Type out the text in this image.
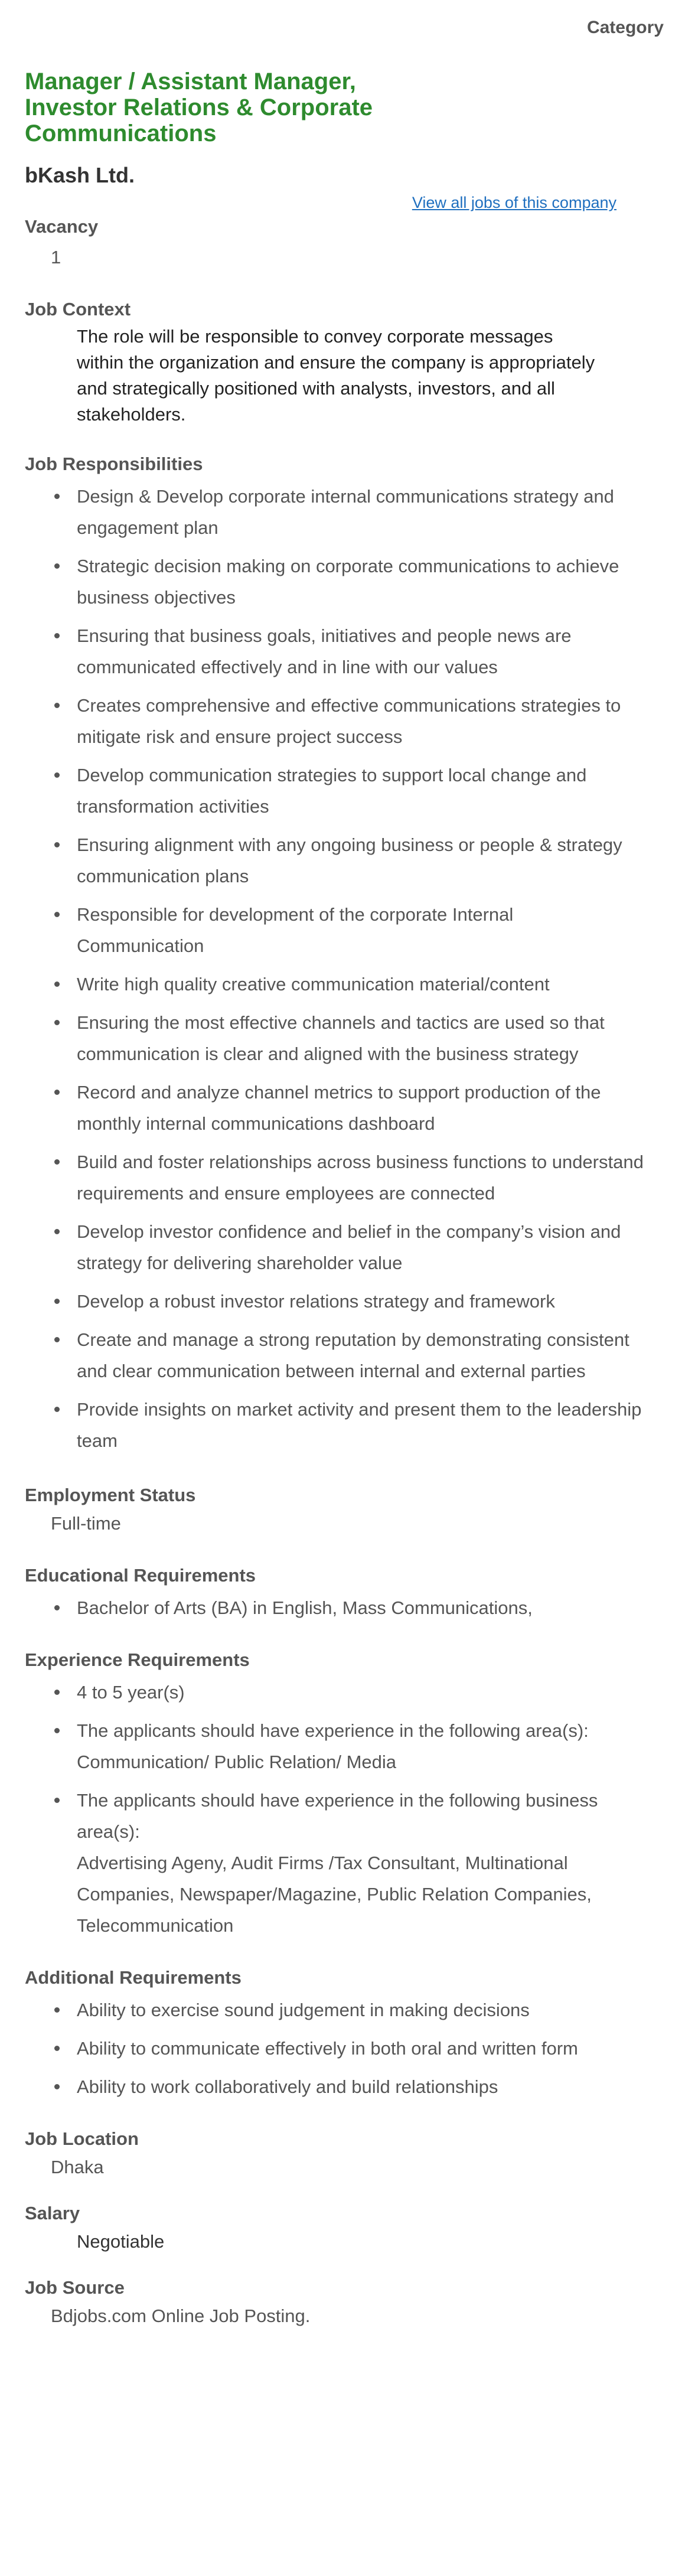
Category
Manager / Assistant Manager, Investor Relations & Corporate Communications
bKash Ltd.
View all jobs of this company
Vacancy
1
Job Context
The role will be responsible to convey corporate messages within the organization and ensure the company is appropriately and strategically positioned with analysts, investors, and all stakeholders.
Job Responsibilities
Design & Develop corporate internal communications strategy and engagement plan
Strategic decision making on corporate communications to achieve business objectives
Ensuring that business goals, initiatives and people news are communicated effectively and in line with our values
Creates comprehensive and effective communications strategies to mitigate risk and ensure project success
Develop communication strategies to support local change and transformation activities
Ensuring alignment with any ongoing business or people & strategy communication plans
Responsible for development of the corporate Internal Communication
Write high quality creative communication material/content
Ensuring the most effective channels and tactics are used so that communication is clear and aligned with the business strategy
Record and analyze channel metrics to support production of the monthly internal communications dashboard
Build and foster relationships across business functions to understand requirements and ensure employees are connected
Develop investor confidence and belief in the company’s vision and strategy for delivering shareholder value
Develop a robust investor relations strategy and framework
Create and manage a strong reputation by demonstrating consistent and clear communication between internal and external parties
Provide insights on market activity and present them to the leadership team
Employment Status
Full-time
Educational Requirements
Bachelor of Arts (BA) in English, Mass Communications,
Experience Requirements
4 to 5 year(s)
The applicants should have experience in the following area(s):
Communication/ Public Relation/ Media
The applicants should have experience in the following business area(s):
Advertising Ageny, Audit Firms /Tax Consultant, Multinational Companies, Newspaper/Magazine, Public Relation Companies, Telecommunication
Additional Requirements
Ability to exercise sound judgement in making decisions
Ability to communicate effectively in both oral and written form
Ability to work collaboratively and build relationships
Job Location
Dhaka
Salary
Negotiable
Job Source
Bdjobs.com Online Job Posting.
